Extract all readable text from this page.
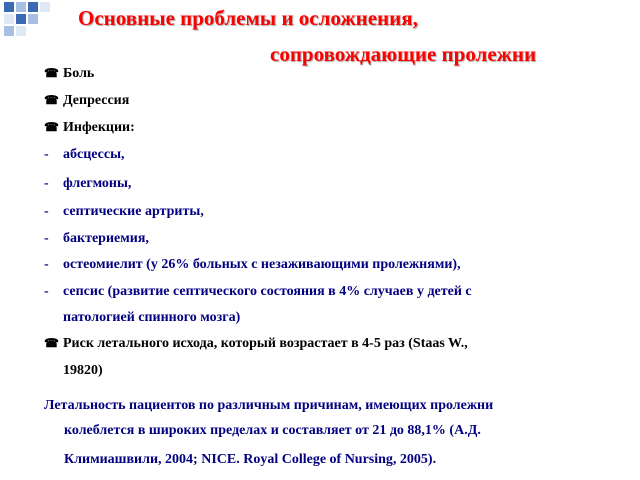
Основные проблемы и осложнения,
сопровождающие пролежни
☎ Боль
☎ Депрессия
☎ Инфекции:
-	абсцессы,
-	флегмоны,
-	септические артриты,
-	бактериемия,
-	остеомиелит (у 26% больных с незаживающими пролежнями),
-	сепсис (развитие септического состояния в 4% случаев у детей с
патологией спинного мозга)
☎ Риск летального исхода, который возрастает в 4-5 раз (Staas W.,
19820)
Летальность пациентов по различным причинам, имеющих пролежни
колеблется в широких пределах и составляет от 21 до 88,1% (А.Д.
Климиашвили, 2004; NICE. Royal College of Nursing, 2005).
